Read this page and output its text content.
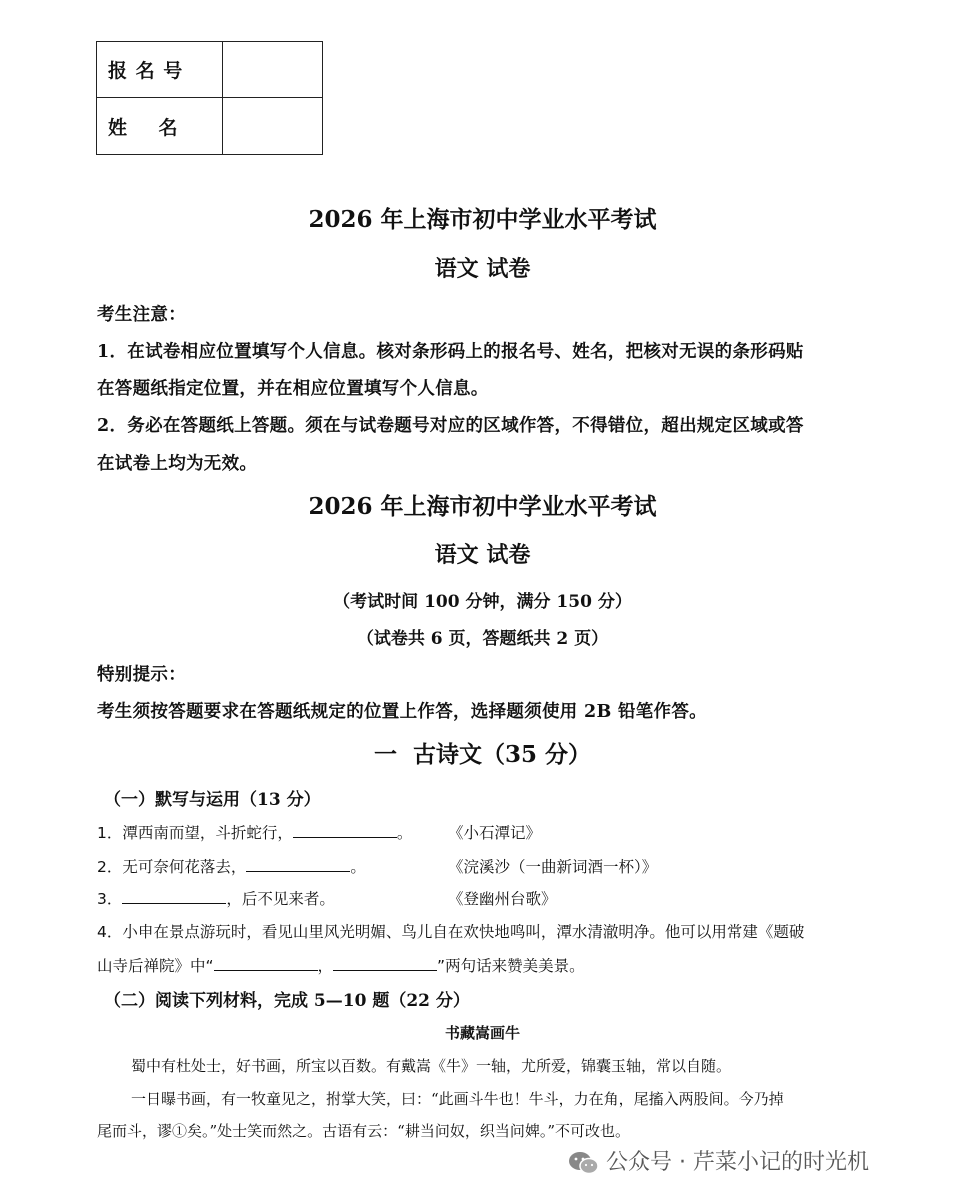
报 名 号	
姓    名	
2026 年上海市初中学业水平考试
语文 试卷
考生注意：
1．在试卷相应位置填写个人信息。核对条形码上的报名号、姓名，把核对无误的条形码贴
在答题纸指定位置，并在相应位置填写个人信息。
2．务必在答题纸上答题。须在与试卷题号对应的区域作答，不得错位，超出规定区域或答
在试卷上均为无效。
2026 年上海市初中学业水平考试
语文 试卷
（考试时间 100 分钟，满分 150 分）
（试卷共 6 页，答题纸共 2 页）
特别提示：
考生须按答题要求在答题纸规定的位置上作答，选择题须使用 2B 铅笔作答。
一  古诗文（35 分）
（一）默写与运用（13 分）
1．潭西南而望，斗折蛇行，	。 《小石潭记》
2．无可奈何花落去，	。	《浣溪沙（一曲新词酒一杯）》
3．	，后不见来者。	《登幽州台歌》
4．小申在景点游玩时，看见山里风光明媚、鸟儿自在欢快地鸣叫，潭水清澈明净。他可以用常建《题破
山寺后禅院》中“	，	”两句话来赞美美景。
（二）阅读下列材料，完成 5—10 题（22 分）
书藏嵩画牛
蜀中有杜处士，好书画，所宝以百数。有戴嵩《牛》一轴，尤所爱，锦囊玉轴，常以自随。
一日曝书画，有一牧童见之，拊掌大笑，曰：“此画斗牛也！牛斗，力在角，尾搐入两股间。今乃掉
尾而斗，谬①矣。”处士笑而然之。古语有云：“耕当问奴，织当问婢。”不可改也。
公众号 · 芹菜小记的时光机
